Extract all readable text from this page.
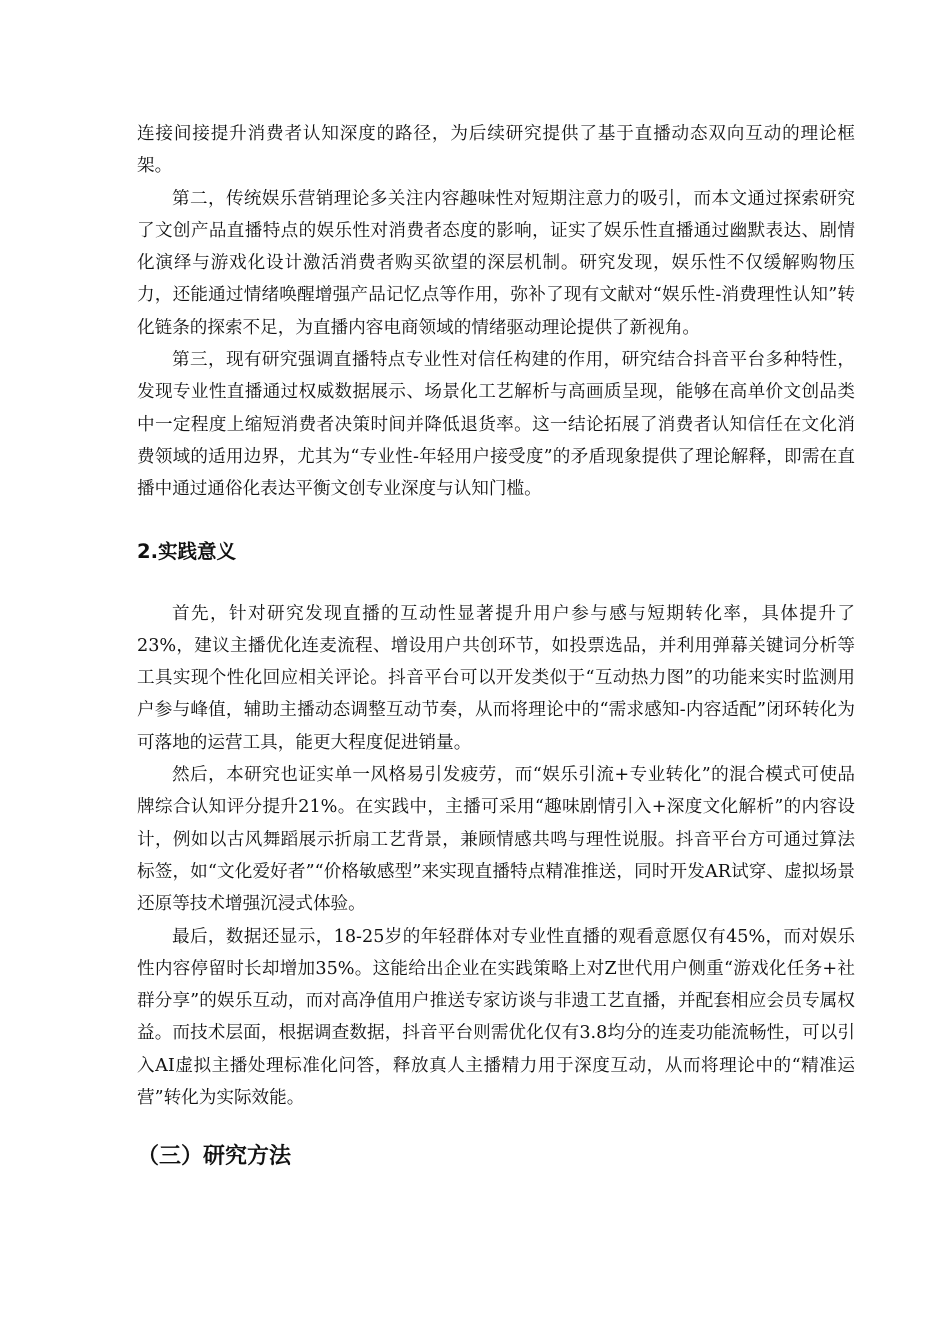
连接间接提升消费者认知深度的路径，为后续研究提供了基于直播动态双向互动的理论框架。

第二，传统娱乐营销理论多关注内容趣味性对短期注意力的吸引，而本文通过探索研究了文创产品直播特点的娱乐性对消费者态度的影响，证实了娱乐性直播通过幽默表达、剧情化演绎与游戏化设计激活消费者购买欲望的深层机制。研究发现，娱乐性不仅缓解购物压力，还能通过情绪唤醒增强产品记忆点等作用，弥补了现有文献对“娱乐性-消费理性认知”转化链条的探索不足，为直播内容电商领域的情绪驱动理论提供了新视角。

第三，现有研究强调直播特点专业性对信任构建的作用，研究结合抖音平台多种特性，发现专业性直播通过权威数据展示、场景化工艺解析与高画质呈现，能够在高单价文创品类中一定程度上缩短消费者决策时间并降低退货率。这一结论拓展了消费者认知信任在文化消费领域的适用边界，尤其为“专业性-年轻用户接受度”的矛盾现象提供了理论解释，即需在直播中通过通俗化表达平衡文创专业深度与认知门槛。

2.实践意义

首先，针对研究发现直播的互动性显著提升用户参与感与短期转化率，具体提升了23%，建议主播优化连麦流程、增设用户共创环节，如投票选品，并利用弹幕关键词分析等工具实现个性化回应相关评论。抖音平台可以开发类似于“互动热力图”的功能来实时监测用户参与峰值，辅助主播动态调整互动节奏，从而将理论中的“需求感知-内容适配”闭环转化为可落地的运营工具，能更大程度促进销量。

然后，本研究也证实单一风格易引发疲劳，而“娱乐引流+专业转化”的混合模式可使品牌综合认知评分提升21%。在实践中，主播可采用“趣味剧情引入+深度文化解析”的内容设计，例如以古风舞蹈展示折扇工艺背景，兼顾情感共鸣与理性说服。抖音平台方可通过算法标签，如“文化爱好者”“价格敏感型”来实现直播特点精准推送，同时开发AR试穿、虚拟场景还原等技术增强沉浸式体验。

最后，数据还显示，18-25岁的年轻群体对专业性直播的观看意愿仅有45%，而对娱乐性内容停留时长却增加35%。这能给出企业在实践策略上对Z世代用户侧重“游戏化任务+社群分享”的娱乐互动，而对高净值用户推送专家访谈与非遗工艺直播，并配套相应会员专属权益。而技术层面，根据调查数据，抖音平台则需优化仅有3.8均分的连麦功能流畅性，可以引入AI虚拟主播处理标准化问答，释放真人主播精力用于深度互动，从而将理论中的“精准运营”转化为实际效能。

（三）研究方法
